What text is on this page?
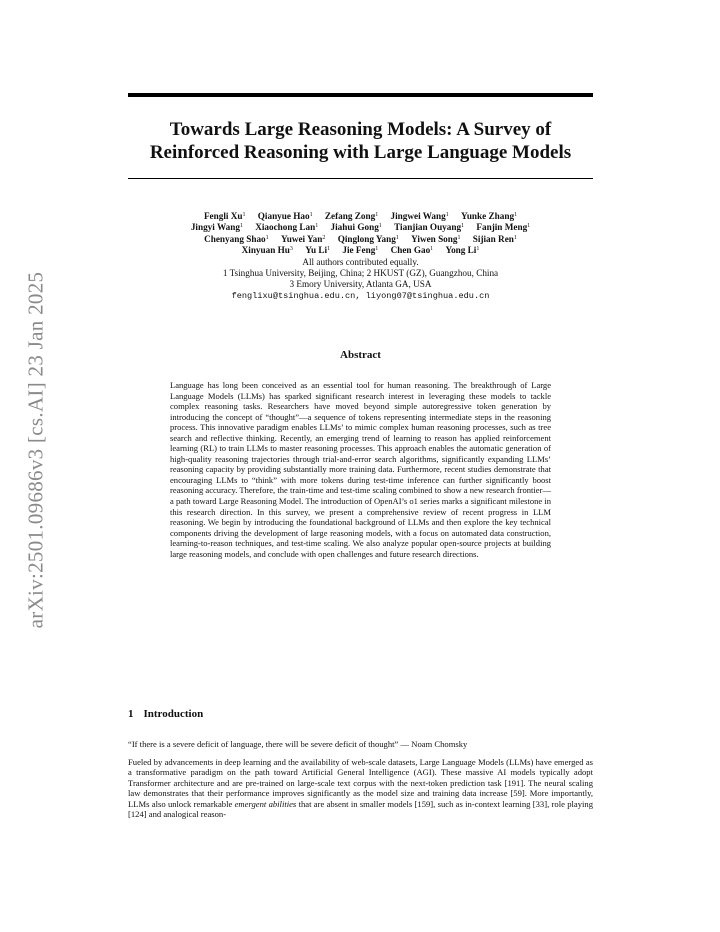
arXiv:2501.09686v3 [cs.AI] 23 Jan 2025
Towards Large Reasoning Models: A Survey of
Reinforced Reasoning with Large Language Models
Fengli Xu$^1$ Qianyue Hao$^1$ Zefang Zong$^1$ Jingwei Wang$^1$ Yunke Zhang$^1$
Jingyi Wang$^1$ Xiaochong Lan$^1$ Jiahui Gong$^1$ Tianjian Ouyang$^1$ Fanjin Meng$^1$
Chenyang Shao$^1$ Yuwei Yan$^2$ Qinglong Yang$^1$ Yiwen Song$^1$ Sijian Ren$^1$
Xinyuan Hu$^3$ Yu Li$^1$ Jie Feng$^1$ Chen Gao$^1$ Yong Li$^1$
All authors contributed equally.
1 Tsinghua University, Beijing, China; 2 HKUST (GZ), Guangzhou, China
3 Emory University, Atlanta GA, USA
fenglixu@tsinghua.edu.cn, liyong07@tsinghua.edu.cn
Abstract
Language has long been conceived as an essential tool for human reasoning. The breakthrough of Large Language Models (LLMs) has sparked significant research interest in leveraging these models to tackle complex reasoning tasks. Researchers have moved beyond simple autoregressive token generation by introducing the concept of “thought”—a sequence of tokens representing intermediate steps in the reasoning process. This innovative paradigm enables LLMs’ to mimic complex human reasoning processes, such as tree search and reflective thinking. Recently, an emerging trend of learning to reason has applied reinforcement learning (RL) to train LLMs to master reasoning processes. This approach enables the automatic generation of high-quality reasoning trajectories through trial-and-error search algorithms, significantly expanding LLMs’ reasoning capacity by providing substantially more training data. Furthermore, recent studies demonstrate that encouraging LLMs to “think” with more tokens during test-time inference can further significantly boost reasoning accuracy. Therefore, the train-time and test-time scaling combined to show a new research frontier—a path toward Large Reasoning Model. The introduction of OpenAI’s o1 series marks a significant milestone in this research direction. In this survey, we present a comprehensive review of recent progress in LLM reasoning. We begin by introducing the foundational background of LLMs and then explore the key technical components driving the development of large reasoning models, with a focus on automated data construction, learning-to-reason techniques, and test-time scaling. We also analyze popular open-source projects at building large reasoning models, and conclude with open challenges and future research directions.
1 Introduction
“If there is a severe deficit of language, there will be severe deficit of thought” — Noam Chomsky
Fueled by advancements in deep learning and the availability of web-scale datasets, Large Language Models (LLMs) have emerged as a transformative paradigm on the path toward Artificial General Intelligence (AGI). These massive AI models typically adopt Transformer architecture and are pre-trained on large-scale text corpus with the next-token prediction task [191]. The neural scaling law demonstrates that their performance improves significantly as the model size and training data increase [59]. More importantly, LLMs also unlock remarkable emergent abilities that are absent in smaller models [159], such as in-context learning [33], role playing [124] and analogical reason-
